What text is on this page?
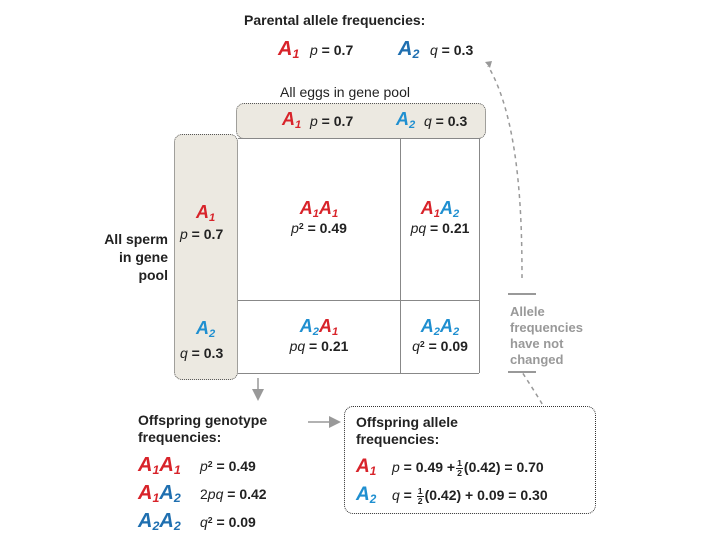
Parental allele frequencies:
$A_1$ p = 0.7 $A_2$ q = 0.3
All eggs in gene pool
$A_1$ p = 0.7 $A_2$ q = 0.3
All sperm
in gene
pool
$A_1$
p = 0.7
$A_2$
q = 0.3
$A_1A_1$
$p^2 = 0.49$
$A_1A_2$
pq = 0.21
$A_2A_1$
pq = 0.21
$A_2A_2$
$q^2 = 0.09$
Allele
frequencies
have not
changed
Offspring genotype
frequencies:
$A_1A_1$ $p^2 = 0.49$
$A_1A_2$ 2pq = 0.42
$A_2A_2$ $q^2 = 0.09$
Offspring allele
frequencies:
$A_1$ $p = 0.49 + \frac{1}{2} (0.42) = 0.70$
$A_2$ $q = \frac{1}{2} (0.42) + 0.09 = 0.30$
